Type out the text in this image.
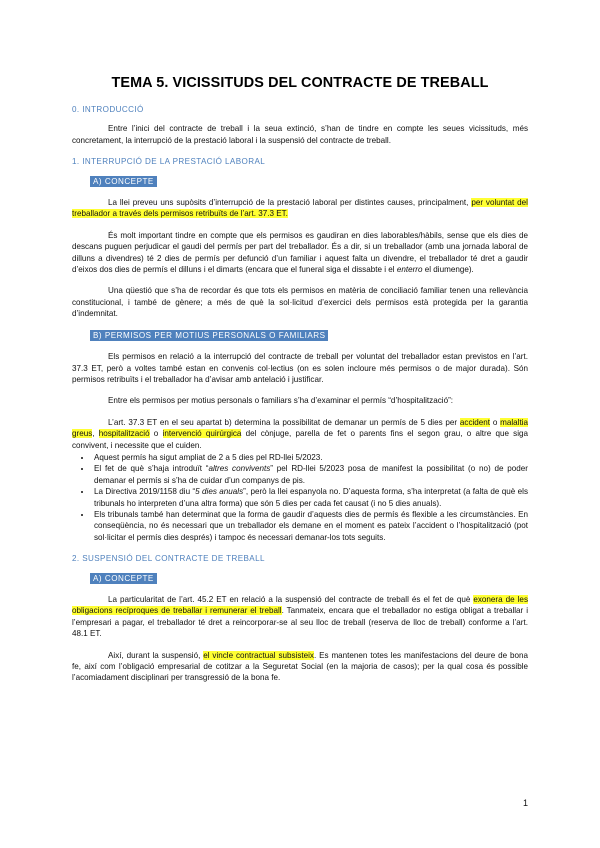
TEMA 5. VICISSITUDS DEL CONTRACTE DE TREBALL
0. INTRODUCCIÓ

Entre l’inici del contracte de treball i la seua extinció, s’han de tindre en compte les seues vicissituds, més concretament, la interrupció de la prestació laboral i la suspensió del contracte de treball.

1. INTERRUPCIÓ DE LA PRESTACIÓ LABORAL
A) CONCEPTE

La llei preveu uns supòsits d’interrupció de la prestació laboral per distintes causes, principalment, per voluntat del treballador a través dels permisos retribuïts de l’art. 37.3 ET.

És molt important tindre en compte que els permisos es gaudiran en dies laborables/hàbils, sense que els dies de descans puguen perjudicar el gaudi del permís per part del treballador. És a dir, si un treballador (amb una jornada laboral de dilluns a divendres) té 2 dies de permís per defunció d’un familiar i aquest falta un divendre, el treballador té dret a gaudir d’eixos dos dies de permís el dilluns i el dimarts (encara que el funeral siga el dissabte i el enterro el diumenge).

Una qüestió que s’ha de recordar és que tots els permisos en matèria de conciliació familiar tenen una rellevància constitucional, i també de gènere; a més de què la sol·licitud d’exercici dels permisos està protegida per la garantia d’indemnitat.

B) PERMISOS PER MOTIUS PERSONALS O FAMILIARS

Els permisos en relació a la interrupció del contracte de treball per voluntat del treballador estan previstos en l’art. 37.3 ET, però a voltes també estan en convenis col·lectius (on es solen incloure més permisos o de major durada). Són permisos retribuïts i el treballador ha d’avisar amb antelació i justificar.

Entre els permisos per motius personals o familiars s’ha d’examinar el permís “d’hospitalització”:

L’art. 37.3 ET en el seu apartat b) determina la possibilitat de demanar un permís de 5 dies per accident o malaltia greus, hospitalització o intervenció quirúrgica del cònjuge, parella de fet o parents fins el segon grau, o altre que siga convivent, i necessite que el cuiden.

• Aquest permís ha sigut ampliat de 2 a 5 dies pel RD-llei 5/2023.
• El fet de què s’haja introduït “altres convivents” pel RD-llei 5/2023 posa de manifest la possibilitat (o no) de poder demanar el permís si s’ha de cuidar d’un companys de pis.
• La Directiva 2019/1158 diu “5 dies anuals”, però la llei espanyola no. D’aquesta forma, s’ha interpretat (a falta de què els tribunals ho interpreten d’una altra forma) que són 5 dies per cada fet causat (i no 5 dies anuals).
• Els tribunals també han determinat que la forma de gaudir d’aquests dies de permís és flexible a les circumstàncies. En conseqüència, no és necessari que un treballador els demane en el moment es pateix l’accident o l’hospitalització (pot sol·licitar el permís dies després) i tampoc és necessari demanar-los tots seguits.
2. SUSPENSIÓ DEL CONTRACTE DE TREBALL
A) CONCEPTE

La particularitat de l’art. 45.2 ET en relació a la suspensió del contracte de treball és el fet de què exonera de les obligacions recíproques de treballar i remunerar el treball. Tanmateix, encara que el treballador no estiga obligat a treballar i l’empresari a pagar, el treballador té dret a reincorporar-se al seu lloc de treball (reserva de lloc de treball) conforme a l’art. 48.1 ET.

Així, durant la suspensió, el vincle contractual subsisteix. Es mantenen totes les manifestacions del deure de bona fe, així com l’obligació empresarial de cotitzar a la Seguretat Social (en la majoria de casos); per la qual cosa és possible l’acomiadament disciplinari per transgressió de la bona fe.

1
